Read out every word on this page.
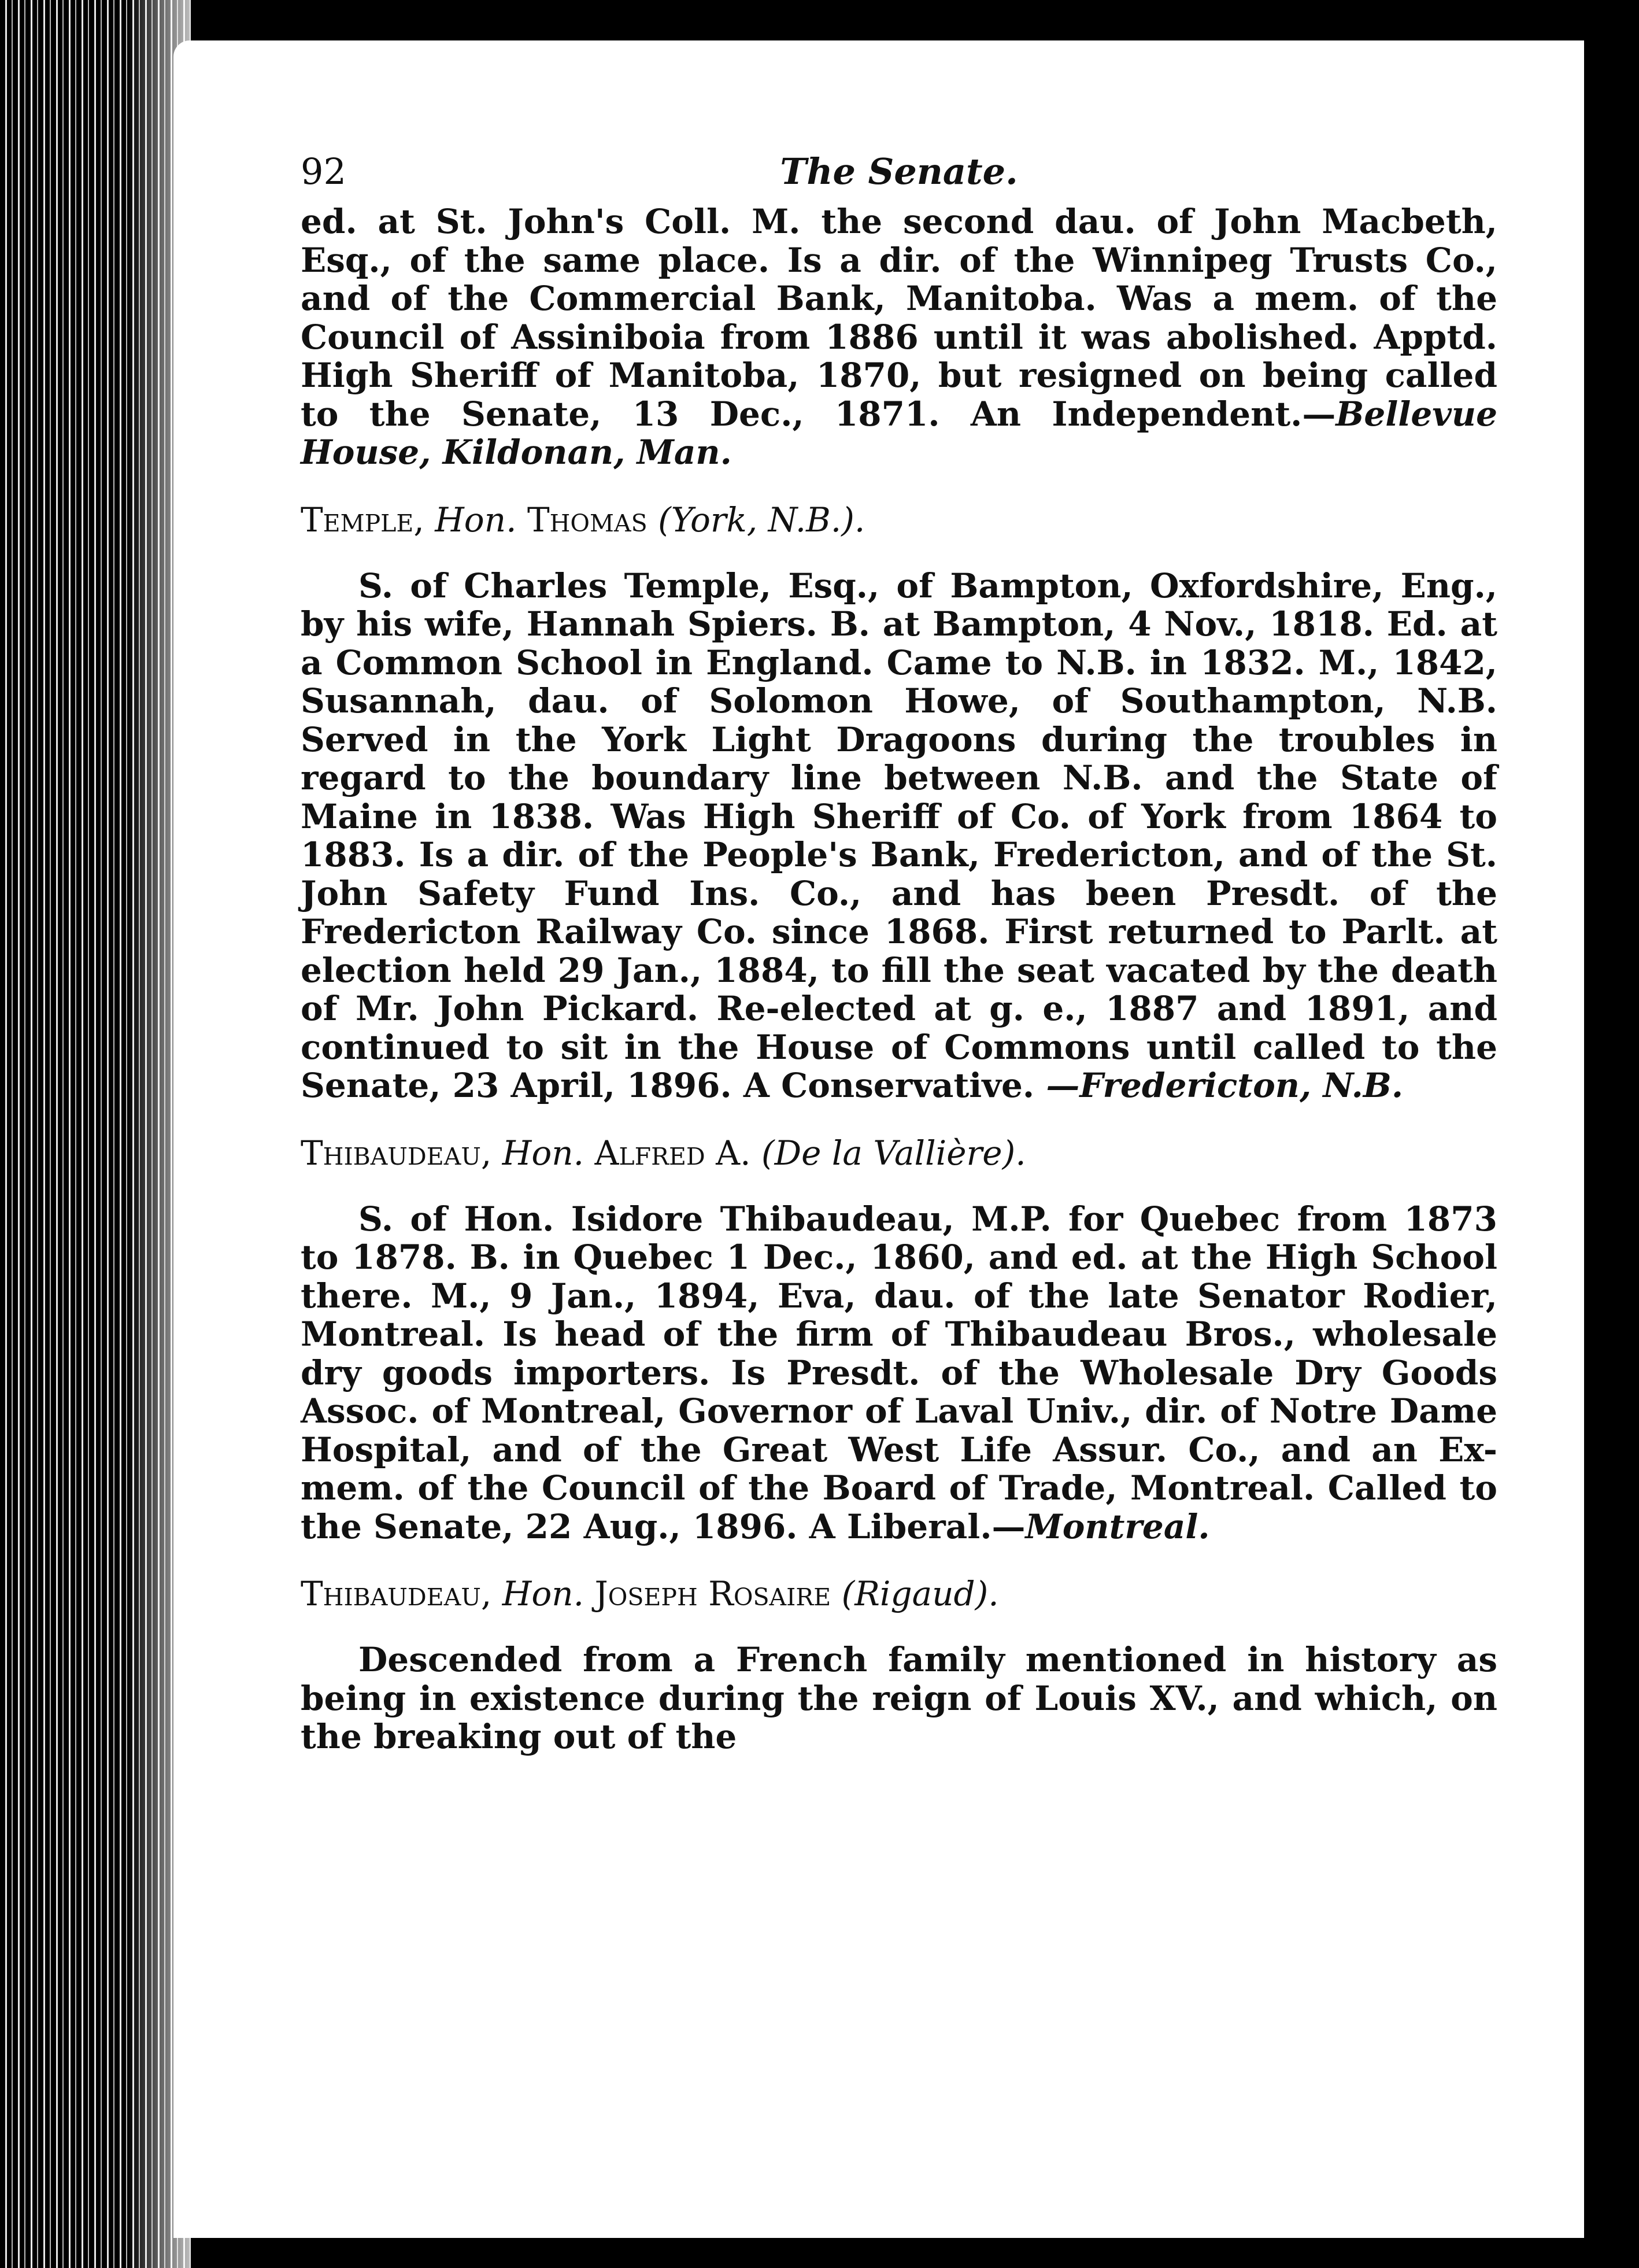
92	The Senate.

ed. at St. John's Coll. M. the second dau. of John Macbeth, Esq., of the same place. Is a dir. of the Winnipeg Trusts Co., and of the Commercial Bank, Manitoba. Was a mem. of the Council of Assiniboia from 1886 until it was abolished. Apptd. High Sheriff of Manitoba, 1870, but resigned on being called to the Senate, 13 Dec., 1871. An Independent.—Bellevue House, Kildonan, Man.

Temple, Hon. Thomas (York, N.B.).

S. of Charles Temple, Esq., of Bampton, Oxfordshire, Eng., by his wife, Hannah Spiers. B. at Bampton, 4 Nov., 1818. Ed. at a Common School in England. Came to N.B. in 1832. M., 1842, Susannah, dau. of Solomon Howe, of Southampton, N.B. Served in the York Light Dragoons during the troubles in regard to the boundary line between N.B. and the State of Maine in 1838. Was High Sheriff of Co. of York from 1864 to 1883. Is a dir. of the People's Bank, Fredericton, and of the St. John Safety Fund Ins. Co., and has been Presdt. of the Fredericton Railway Co. since 1868. First returned to Parlt. at election held 29 Jan., 1884, to fill the seat vacated by the death of Mr. John Pickard. Re-elected at g. e., 1887 and 1891, and continued to sit in the House of Commons until called to the Senate, 23 April, 1896. A Conservative. —Fredericton, N.B.

Thibaudeau, Hon. Alfred A. (De la Vallière).

S. of Hon. Isidore Thibaudeau, M.P. for Quebec from 1873 to 1878. B. in Quebec 1 Dec., 1860, and ed. at the High School there. M., 9 Jan., 1894, Eva, dau. of the late Senator Rodier, Montreal. Is head of the firm of Thibaudeau Bros., wholesale dry goods importers. Is Presdt. of the Wholesale Dry Goods Assoc. of Montreal, Governor of Laval Univ., dir. of Notre Dame Hospital, and of the Great West Life Assur. Co., and an Ex-mem. of the Council of the Board of Trade, Montreal. Called to the Senate, 22 Aug., 1896. A Liberal.—Montreal.

Thibaudeau, Hon. Joseph Rosaire (Rigaud).

Descended from a French family mentioned in history as being in existence during the reign of Louis XV., and which, on the breaking out of the
